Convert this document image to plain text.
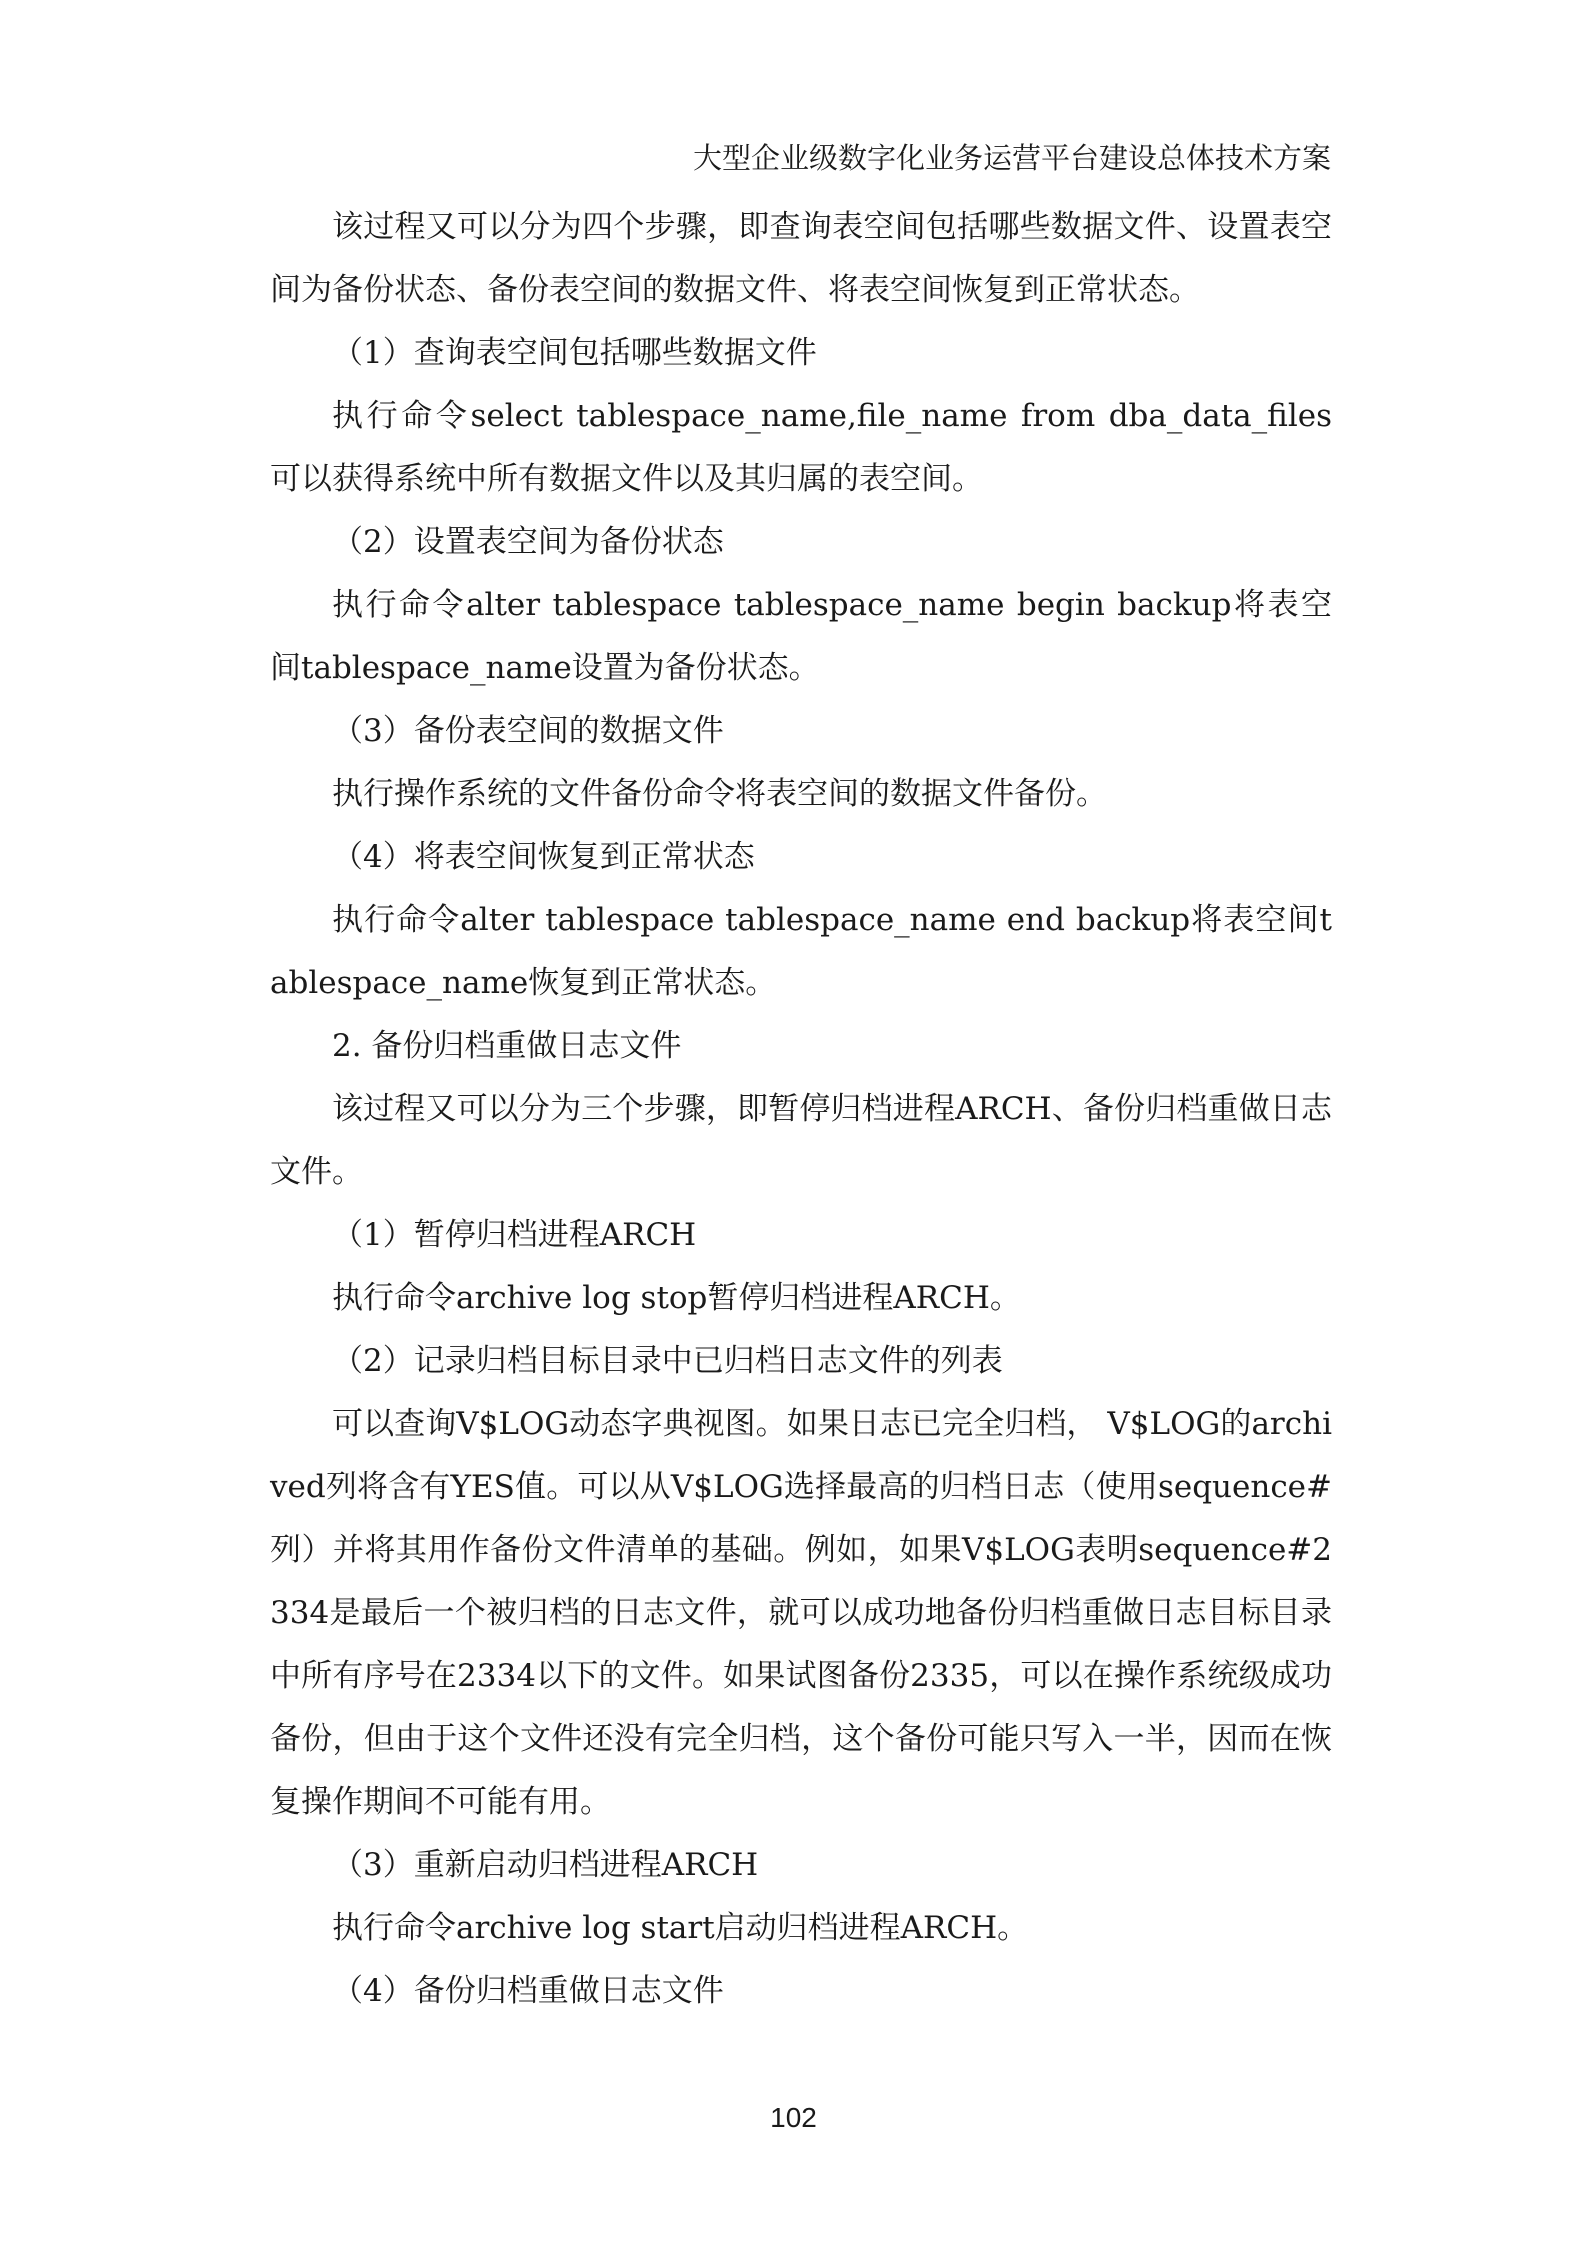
大型企业级数字化业务运营平台建设总体技术方案

该过程又可以分为四个步骤，即查询表空间包括哪些数据文件、设置表空间为备份状态、备份表空间的数据文件、将表空间恢复到正常状态。

（1）查询表空间包括哪些数据文件

执行命令select tablespace_name,file_name from dba_data_files可以获得系统中所有数据文件以及其归属的表空间。

（2）设置表空间为备份状态

执行命令alter tablespace tablespace_name begin backup将表空间tablespace_name设置为备份状态。

（3）备份表空间的数据文件

执行操作系统的文件备份命令将表空间的数据文件备份。

（4）将表空间恢复到正常状态

执行命令alter tablespace tablespace_name end backup将表空间tablespace_name恢复到正常状态。

2. 备份归档重做日志文件

该过程又可以分为三个步骤，即暂停归档进程ARCH、备份归档重做日志文件。

（1）暂停归档进程ARCH

执行命令archive log stop暂停归档进程ARCH。

（2）记录归档目标目录中已归档日志文件的列表

可以查询V$LOG动态字典视图。如果日志已完全归档， V$LOG的archived列将含有YES值。可以从V$LOG选择最高的归档日志（使用sequence#列）并将其用作备份文件清单的基础。例如，如果V$LOG表明sequence#2334是最后一个被归档的日志文件，就可以成功地备份归档重做日志目标目录中所有序号在2334以下的文件。如果试图备份2335，可以在操作系统级成功备份，但由于这个文件还没有完全归档，这个备份可能只写入一半，因而在恢复操作期间不可能有用。

（3）重新启动归档进程ARCH

执行命令archive log start启动归档进程ARCH。

（4）备份归档重做日志文件

102
